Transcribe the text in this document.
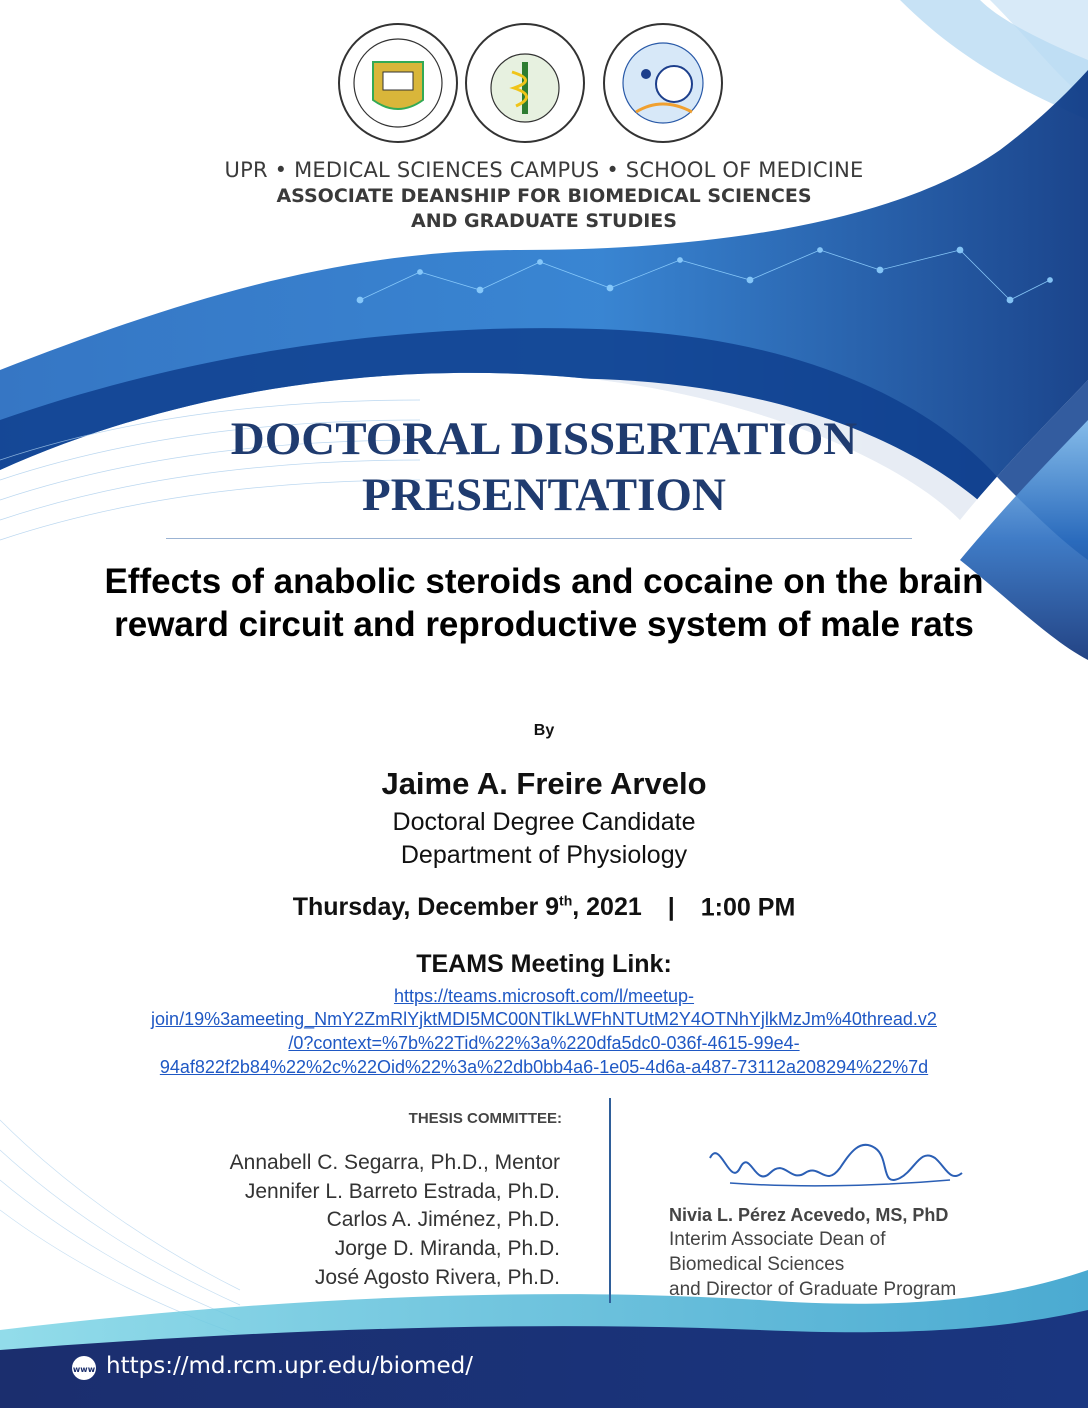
UPR • MEDICAL SCIENCES CAMPUS • SCHOOL OF MEDICINE
ASSOCIATE DEANSHIP FOR BIOMEDICAL SCIENCES
AND GRADUATE STUDIES
DOCTORAL DISSERTATION
PRESENTATION
Effects of anabolic steroids and cocaine on the brain reward circuit and reproductive system of male rats
By
Jaime A. Freire Arvelo
Doctoral Degree Candidate
Department of Physiology
Thursday, December 9th, 2021 | 1:00 PM
TEAMS Meeting Link:
https://teams.microsoft.com/l/meetup-
join/19%3ameeting_NmY2ZmRlYjktMDI5MC00NTlkLWFhNTUtM2Y4OTNhYjlkMzJm%40thread.v2
/0?context=%7b%22Tid%22%3a%220dfa5dc0-036f-4615-99e4-
94af822f2b84%22%2c%22Oid%22%3a%22db0bb4a6-1e05-4d6a-a487-73112a208294%22%7d
THESIS COMMITTEE:
Annabell C. Segarra, Ph.D., Mentor
Jennifer L. Barreto Estrada, Ph.D.
Carlos A. Jiménez, Ph.D.
Jorge D. Miranda, Ph.D.
José Agosto Rivera, Ph.D.
Nivia L. Pérez Acevedo, MS, PhD
Interim Associate Dean of
Biomedical Sciences
and Director of Graduate Program
www https://md.rcm.upr.edu/biomed/
